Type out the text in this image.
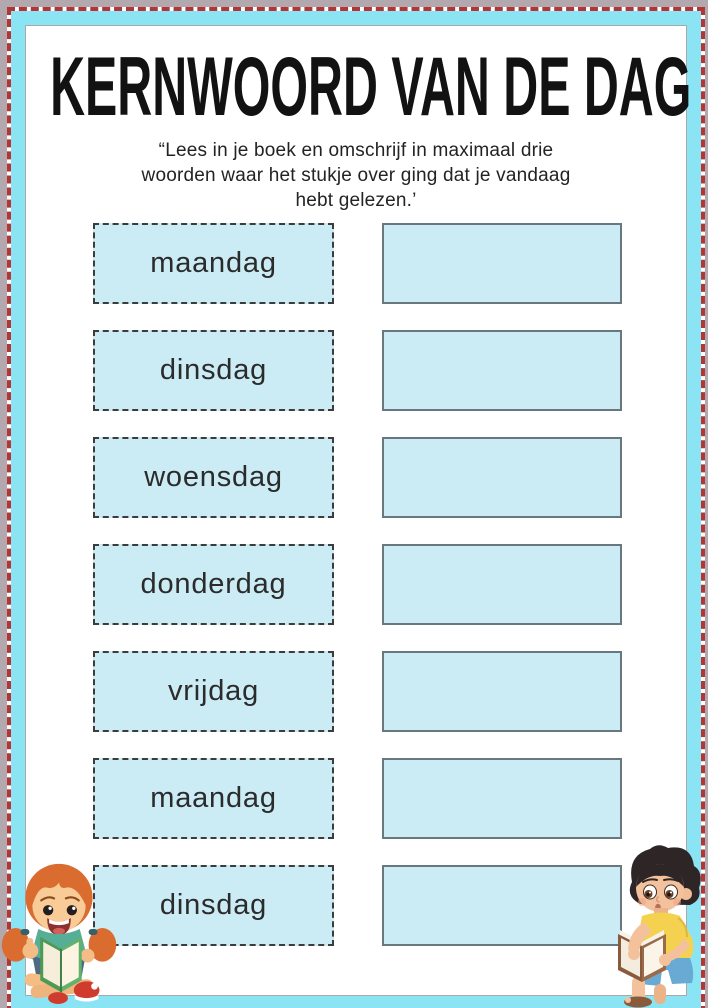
KERNWOORD VAN DE DAG
“Lees in je boek en omschrijf in maximaal drie
woorden waar het stukje over ging dat je vandaag
hebt gelezen.’
maandag
dinsdag
woensdag
donderdag
vrijdag
maandag
dinsdag
